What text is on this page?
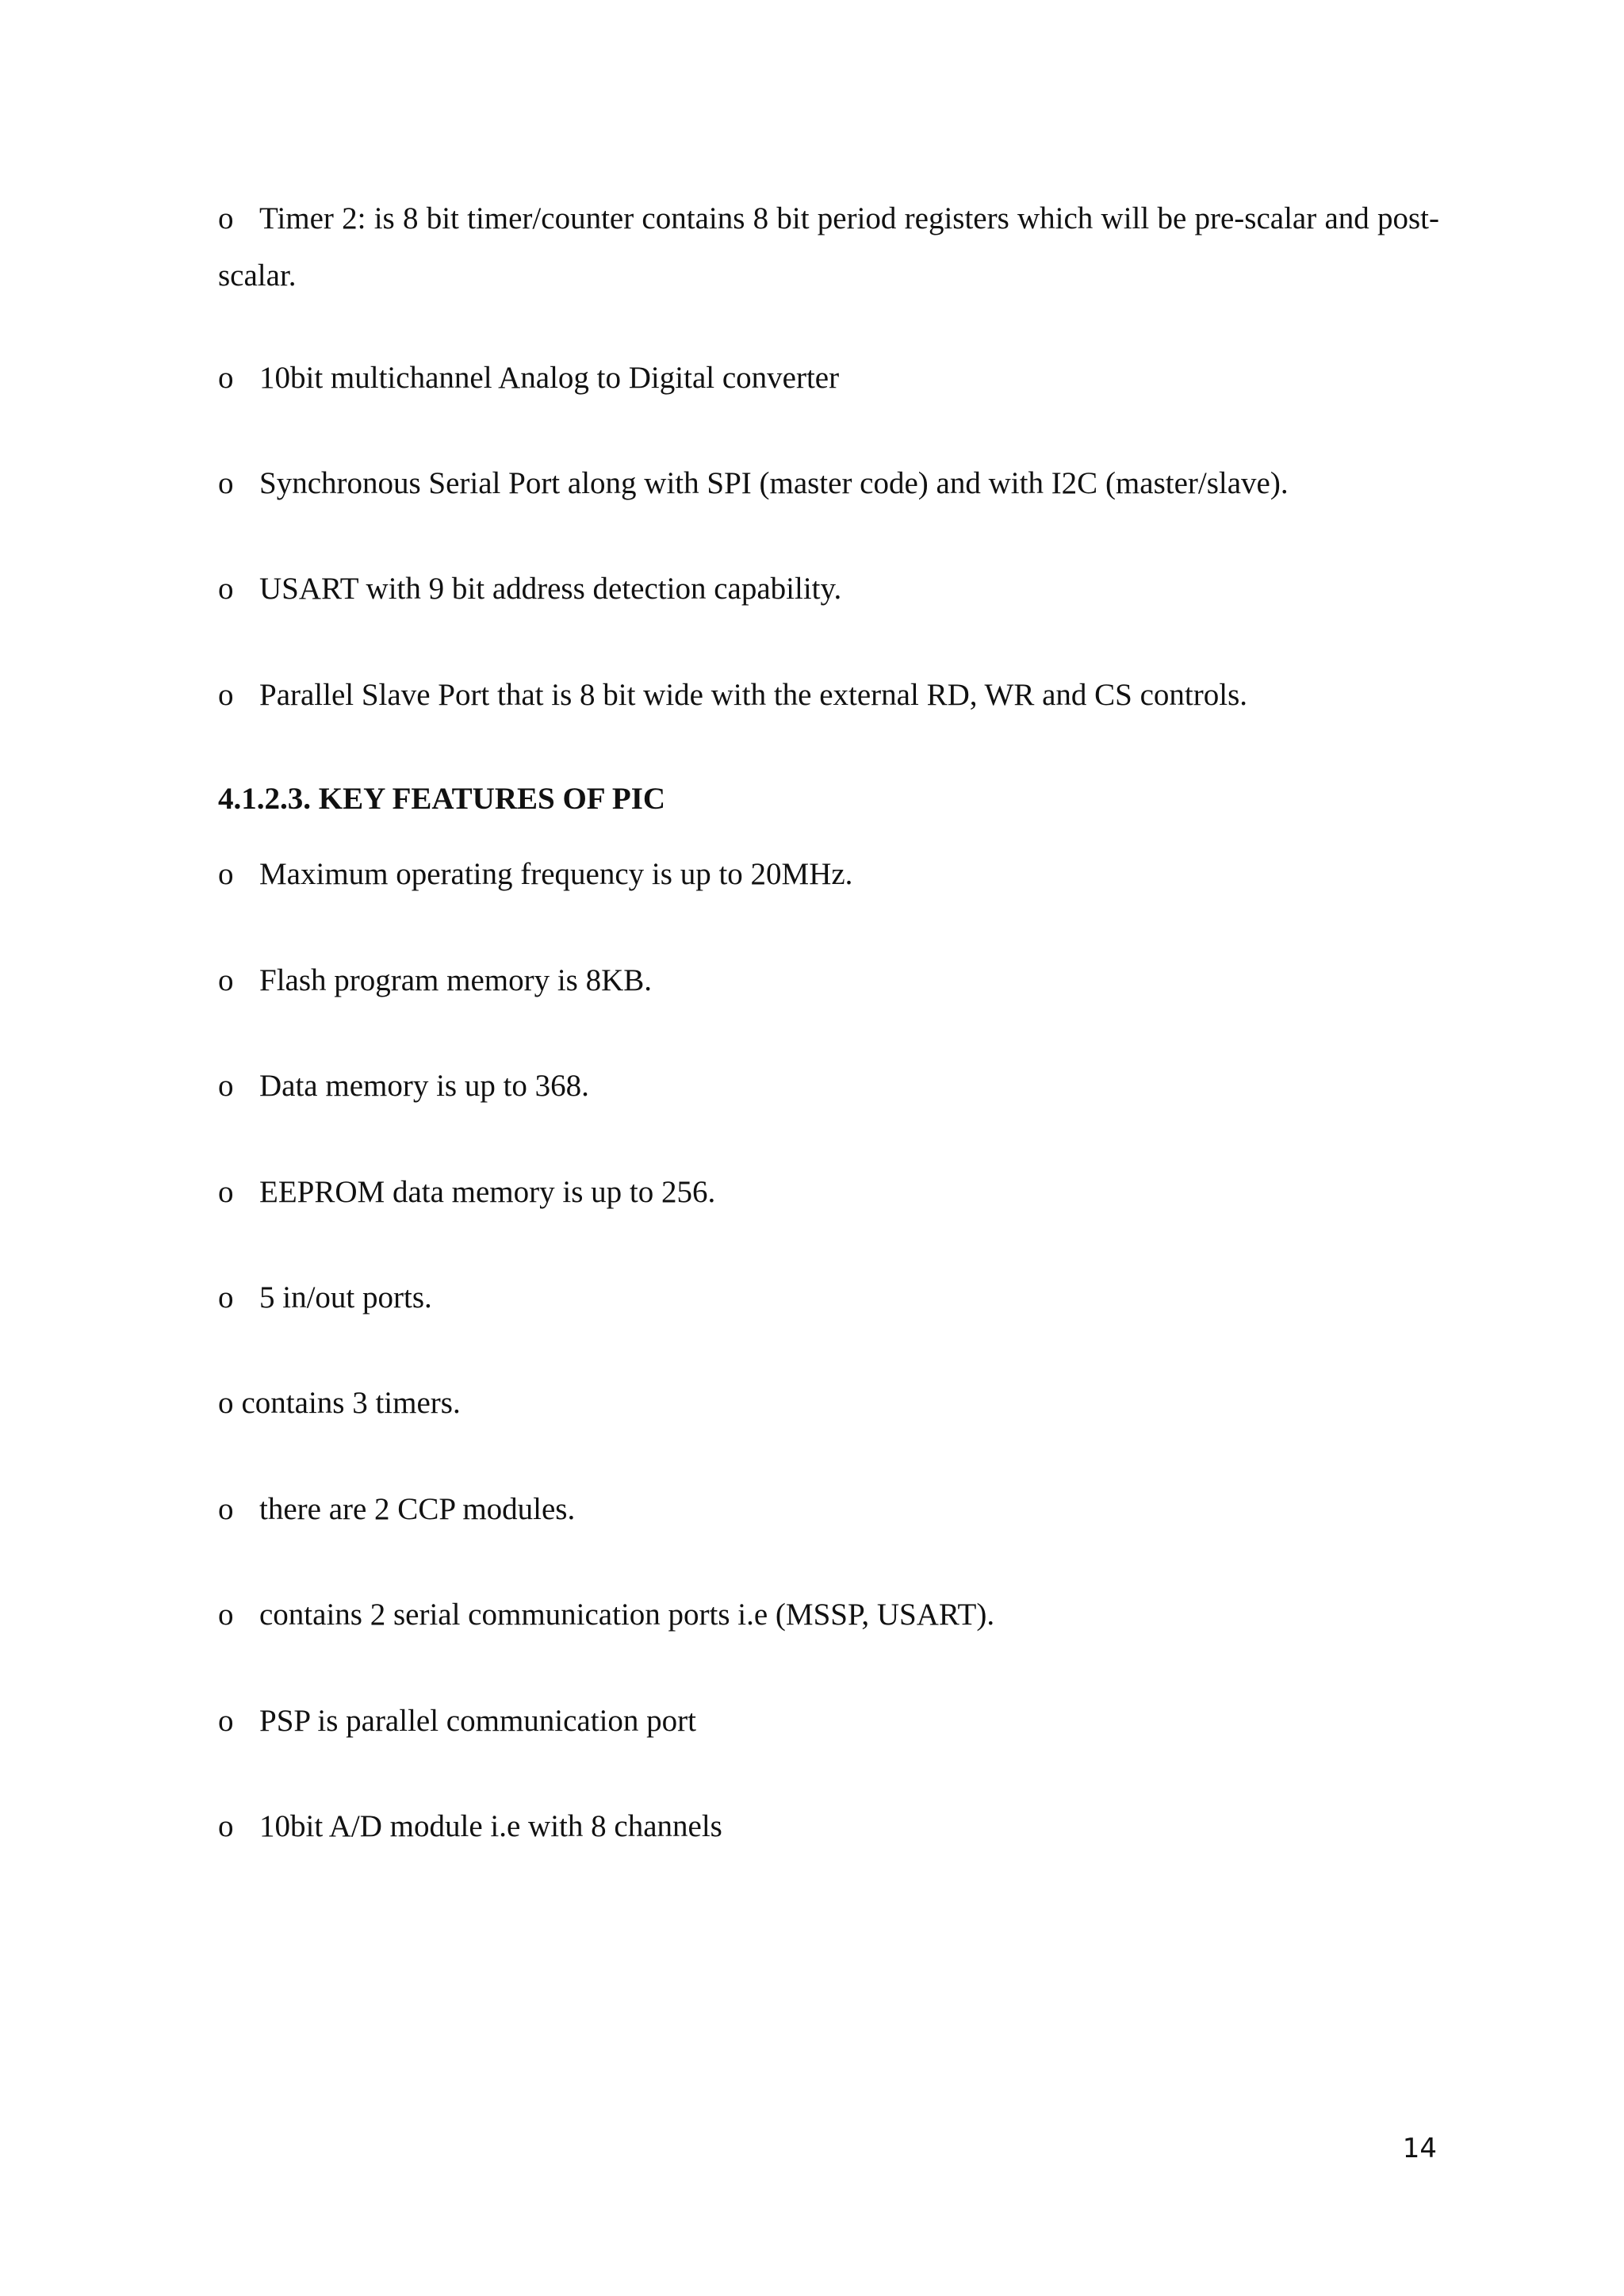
o Timer 2: is 8 bit timer/counter contains 8 bit period registers which will be pre-scalar and post-scalar.
o 10bit multichannel Analog to Digital converter
o Synchronous Serial Port along with SPI (master code) and with I2C (master/slave).
o USART with 9 bit address detection capability.
o Parallel Slave Port that is 8 bit wide with the external RD, WR and CS controls.
4.1.2.3. KEY FEATURES OF PIC
o Maximum operating frequency is up to 20MHz.
o Flash program memory is 8KB.
o Data memory is up to 368.
o EEPROM data memory is up to 256.
o 5 in/out ports.
o contains 3 timers.
o there are 2 CCP modules.
o contains 2 serial communication ports i.e (MSSP, USART).
o PSP is parallel communication port
o 10bit A/D module i.e with 8 channels
14
